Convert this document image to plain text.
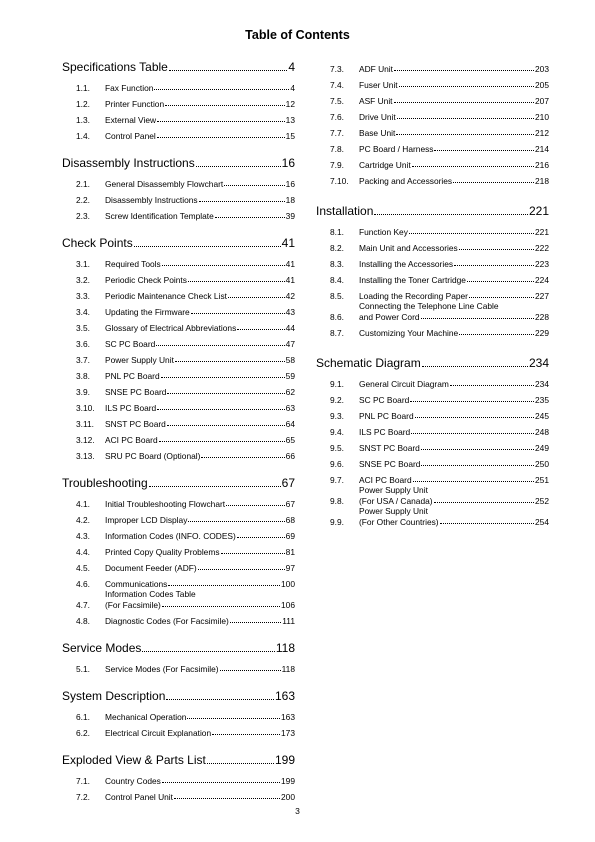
Table of Contents
Specifications Table	4
1.1.	Fax Function	4
1.2.	Printer Function	12
1.3.	External View	13
1.4.	Control Panel	15
Disassembly Instructions	16
2.1.	General Disassembly Flowchart	16
2.2.	Disassembly Instructions	18
2.3.	Screw Identification Template	39
Check Points	41
3.1.	Required Tools	41
3.2.	Periodic Check Points	41
3.3.	Periodic Maintenance Check List	42
3.4.	Updating the Firmware	43
3.5.	Glossary of Electrical Abbreviations	44
3.6.	SC PC Board	47
3.7.	Power Supply Unit	58
3.8.	PNL PC Board	59
3.9.	SNSE PC Board	62
3.10.	ILS PC Board	63
3.11.	SNST PC Board	64
3.12.	ACI PC Board	65
3.13.	SRU PC Board (Optional)	66
Troubleshooting	67
4.1.	Initial Troubleshooting Flowchart	67
4.2.	Improper LCD Display	68
4.3.	Information Codes (INFO. CODES)	69
4.4.	Printed Copy Quality Problems	81
4.5.	Document Feeder (ADF)	97
4.6.	Communications	100
4.7.
Information Codes Table
(For Facsimile)	106
4.8.	Diagnostic Codes (For Facsimile)	111
Service Modes	118
5.1.	Service Modes (For Facsimile)	118
System Description	163
6.1.	Mechanical Operation	163
6.2.	Electrical Circuit Explanation	173
Exploded View & Parts List	199
7.1.	Country Codes	199
7.2.	Control Panel Unit	200
7.3.	ADF Unit	203
7.4.	Fuser Unit	205
7.5.	ASF Unit	207
7.6.	Drive Unit	210
7.7.	Base Unit	212
7.8.	PC Board / Harness	214
7.9.	Cartridge Unit	216
7.10.	Packing and Accessories	218
Installation	221
8.1.	Function Key	221
8.2.	Main Unit and Accessories	222
8.3.	Installing the Accessories	223
8.4.	Installing the Toner Cartridge	224
8.5.	Loading the Recording Paper	227
8.6.
Connecting the Telephone Line Cable
and Power Cord	228
8.7.	Customizing Your Machine	229
Schematic Diagram	234
9.1.	General Circuit Diagram	234
9.2.	SC PC Board	235
9.3.	PNL PC Board	245
9.4.	ILS PC Board	248
9.5.	SNST PC Board	249
9.6.	SNSE PC Board	250
9.7.	ACI PC Board	251
9.8.
Power Supply Unit
(For USA / Canada)	252
9.9.
Power Supply Unit
(For Other Countries)	254
3
